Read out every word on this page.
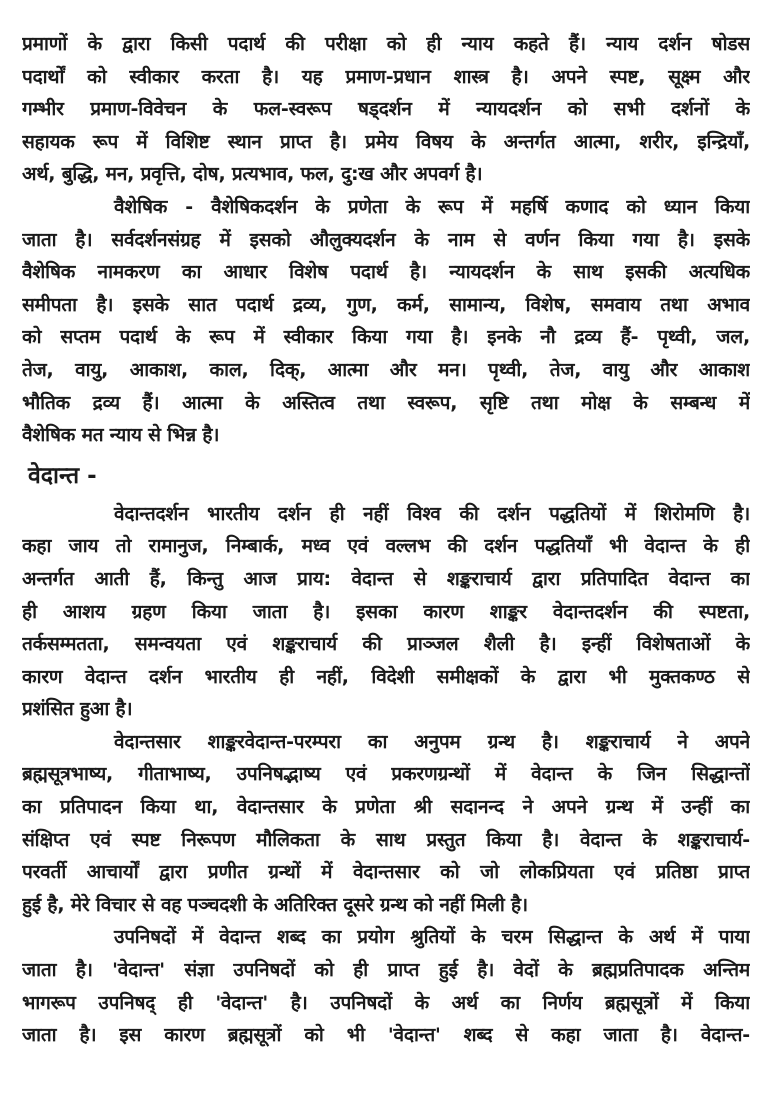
प्रमाणों के द्वारा किसी पदार्थ की परीक्षा को ही न्याय कहते हैं। न्याय दर्शन षोडस
पदार्थों को स्वीकार करता है। यह प्रमाण-प्रधान शास्त्र है। अपने स्पष्ट, सूक्ष्म और
गम्भीर प्रमाण-विवेचन के फल-स्वरूप षड्दर्शन में न्यायदर्शन को सभी दर्शनों के
सहायक रूप में विशिष्ट स्थान प्राप्त है। प्रमेय विषय के अन्तर्गत आत्मा, शरीर, इन्द्रियाँ,
अर्थ, बुद्धि, मन, प्रवृत्ति, दोष, प्रत्यभाव, फल, दु:ख और अपवर्ग है।
वैशेषिक - वैशेषिकदर्शन के प्रणेता के रूप में महर्षि कणाद को ध्यान किया
जाता है। सर्वदर्शनसंग्रह में इसको औलुक्यदर्शन के नाम से वर्णन किया गया है। इसके
वैशेषिक नामकरण का आधार विशेष पदार्थ है। न्यायदर्शन के साथ इसकी अत्यधिक
समीपता है। इसके सात पदार्थ द्रव्य, गुण, कर्म, सामान्य, विशेष, समवाय तथा अभाव
को सप्तम पदार्थ के रूप में स्वीकार किया गया है। इनके नौ द्रव्य हैं- पृथ्वी, जल,
तेज, वायु, आकाश, काल, दिक्, आत्मा और मन। पृथ्वी, तेज, वायु और आकाश
भौतिक द्रव्य हैं। आत्मा के अस्तित्व तथा स्वरूप, सृष्टि तथा मोक्ष के सम्बन्ध में
वैशेषिक मत न्याय से भिन्न है।
वेदान्त -
वेदान्तदर्शन भारतीय दर्शन ही नहीं विश्व की दर्शन पद्धतियों में शिरोमणि है।
कहा जाय तो रामानुज, निम्बार्क, मध्व एवं वल्लभ की दर्शन पद्धतियाँ भी वेदान्त के ही
अन्तर्गत आती हैं, किन्तु आज प्राय: वेदान्त से शङ्कराचार्य द्वारा प्रतिपादित वेदान्त का
ही आशय ग्रहण किया जाता है। इसका कारण शाङ्कर वेदान्तदर्शन की स्पष्टता,
तर्कसम्मतता, समन्वयता एवं शङ्कराचार्य की प्राञ्जल शैली है। इन्हीं विशेषताओं के
कारण वेदान्त दर्शन भारतीय ही नहीं, विदेशी समीक्षकों के द्वारा भी मुक्तकण्ठ से
प्रशंसित हुआ है।
वेदान्तसार शाङ्करवेदान्त-परम्परा का अनुपम ग्रन्थ है। शङ्कराचार्य ने अपने
ब्रह्मसूत्रभाष्य, गीताभाष्य, उपनिषद्भाष्य एवं प्रकरणग्रन्थों में वेदान्त के जिन सिद्धान्तों
का प्रतिपादन किया था, वेदान्तसार के प्रणेता श्री सदानन्द ने अपने ग्रन्थ में उन्हीं का
संक्षिप्त एवं स्पष्ट निरूपण मौलिकता के साथ प्रस्तुत किया है। वेदान्त के शङ्कराचार्य-
परवर्ती आचार्यों द्वारा प्रणीत ग्रन्थों में वेदान्तसार को जो लोकप्रियता एवं प्रतिष्ठा प्राप्त
हुई है, मेरे विचार से वह पञ्चदशी के अतिरिक्त दूसरे ग्रन्थ को नहीं मिली है।
उपनिषदों में वेदान्त शब्द का प्रयोग श्रुतियों के चरम सिद्धान्त के अर्थ में पाया
जाता है। 'वेदान्त' संज्ञा उपनिषदों को ही प्राप्त हुई है। वेदों के ब्रह्मप्रतिपादक अन्तिम
भागरूप उपनिषद् ही 'वेदान्त' है। उपनिषदों के अर्थ का निर्णय ब्रह्मसूत्रों में किया
जाता है। इस कारण ब्रह्मसूत्रों को भी 'वेदान्त' शब्द से कहा जाता है। वेदान्त-
